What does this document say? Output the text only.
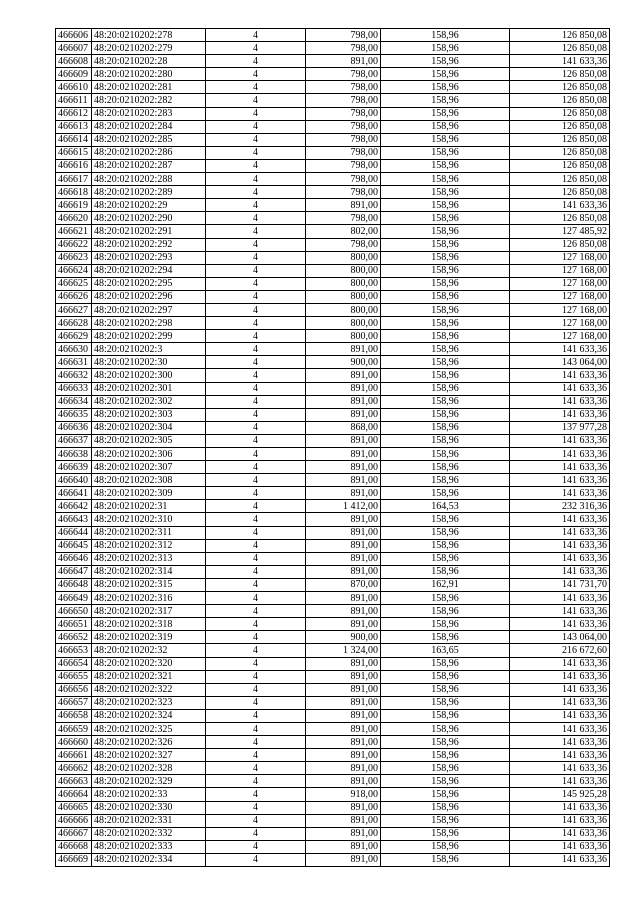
466606	48:20:0210202:278	4	798,00	158,96	126 850,08
466607	48:20:0210202:279	4	798,00	158,96	126 850,08
466608	48:20:0210202:28	4	891,00	158,96	141 633,36
466609	48:20:0210202:280	4	798,00	158,96	126 850,08
466610	48:20:0210202:281	4	798,00	158,96	126 850,08
466611	48:20:0210202:282	4	798,00	158,96	126 850,08
466612	48:20:0210202:283	4	798,00	158,96	126 850,08
466613	48:20:0210202:284	4	798,00	158,96	126 850,08
466614	48:20:0210202:285	4	798,00	158,96	126 850,08
466615	48:20:0210202:286	4	798,00	158,96	126 850,08
466616	48:20:0210202:287	4	798,00	158,96	126 850,08
466617	48:20:0210202:288	4	798,00	158,96	126 850,08
466618	48:20:0210202:289	4	798,00	158,96	126 850,08
466619	48:20:0210202:29	4	891,00	158,96	141 633,36
466620	48:20:0210202:290	4	798,00	158,96	126 850,08
466621	48:20:0210202:291	4	802,00	158,96	127 485,92
466622	48:20:0210202:292	4	798,00	158,96	126 850,08
466623	48:20:0210202:293	4	800,00	158,96	127 168,00
466624	48:20:0210202:294	4	800,00	158,96	127 168,00
466625	48:20:0210202:295	4	800,00	158,96	127 168,00
466626	48:20:0210202:296	4	800,00	158,96	127 168,00
466627	48:20:0210202:297	4	800,00	158,96	127 168,00
466628	48:20:0210202:298	4	800,00	158,96	127 168,00
466629	48:20:0210202:299	4	800,00	158,96	127 168,00
466630	48:20:0210202:3	4	891,00	158,96	141 633,36
466631	48:20:0210202:30	4	900,00	158,96	143 064,00
466632	48:20:0210202:300	4	891,00	158,96	141 633,36
466633	48:20:0210202:301	4	891,00	158,96	141 633,36
466634	48:20:0210202:302	4	891,00	158,96	141 633,36
466635	48:20:0210202:303	4	891,00	158,96	141 633,36
466636	48:20:0210202:304	4	868,00	158,96	137 977,28
466637	48:20:0210202:305	4	891,00	158,96	141 633,36
466638	48:20:0210202:306	4	891,00	158,96	141 633,36
466639	48:20:0210202:307	4	891,00	158,96	141 633,36
466640	48:20:0210202:308	4	891,00	158,96	141 633,36
466641	48:20:0210202:309	4	891,00	158,96	141 633,36
466642	48:20:0210202:31	4	1 412,00	164,53	232 316,36
466643	48:20:0210202:310	4	891,00	158,96	141 633,36
466644	48:20:0210202:311	4	891,00	158,96	141 633,36
466645	48:20:0210202:312	4	891,00	158,96	141 633,36
466646	48:20:0210202:313	4	891,00	158,96	141 633,36
466647	48:20:0210202:314	4	891,00	158,96	141 633,36
466648	48:20:0210202:315	4	870,00	162,91	141 731,70
466649	48:20:0210202:316	4	891,00	158,96	141 633,36
466650	48:20:0210202:317	4	891,00	158,96	141 633,36
466651	48:20:0210202:318	4	891,00	158,96	141 633,36
466652	48:20:0210202:319	4	900,00	158,96	143 064,00
466653	48:20:0210202:32	4	1 324,00	163,65	216 672,60
466654	48:20:0210202:320	4	891,00	158,96	141 633,36
466655	48:20:0210202:321	4	891,00	158,96	141 633,36
466656	48:20:0210202:322	4	891,00	158,96	141 633,36
466657	48:20:0210202:323	4	891,00	158,96	141 633,36
466658	48:20:0210202:324	4	891,00	158,96	141 633,36
466659	48:20:0210202:325	4	891,00	158,96	141 633,36
466660	48:20:0210202:326	4	891,00	158,96	141 633,36
466661	48:20:0210202:327	4	891,00	158,96	141 633,36
466662	48:20:0210202:328	4	891,00	158,96	141 633,36
466663	48:20:0210202:329	4	891,00	158,96	141 633,36
466664	48:20:0210202:33	4	918,00	158,96	145 925,28
466665	48:20:0210202:330	4	891,00	158,96	141 633,36
466666	48:20:0210202:331	4	891,00	158,96	141 633,36
466667	48:20:0210202:332	4	891,00	158,96	141 633,36
466668	48:20:0210202:333	4	891,00	158,96	141 633,36
466669	48:20:0210202:334	4	891,00	158,96	141 633,36
